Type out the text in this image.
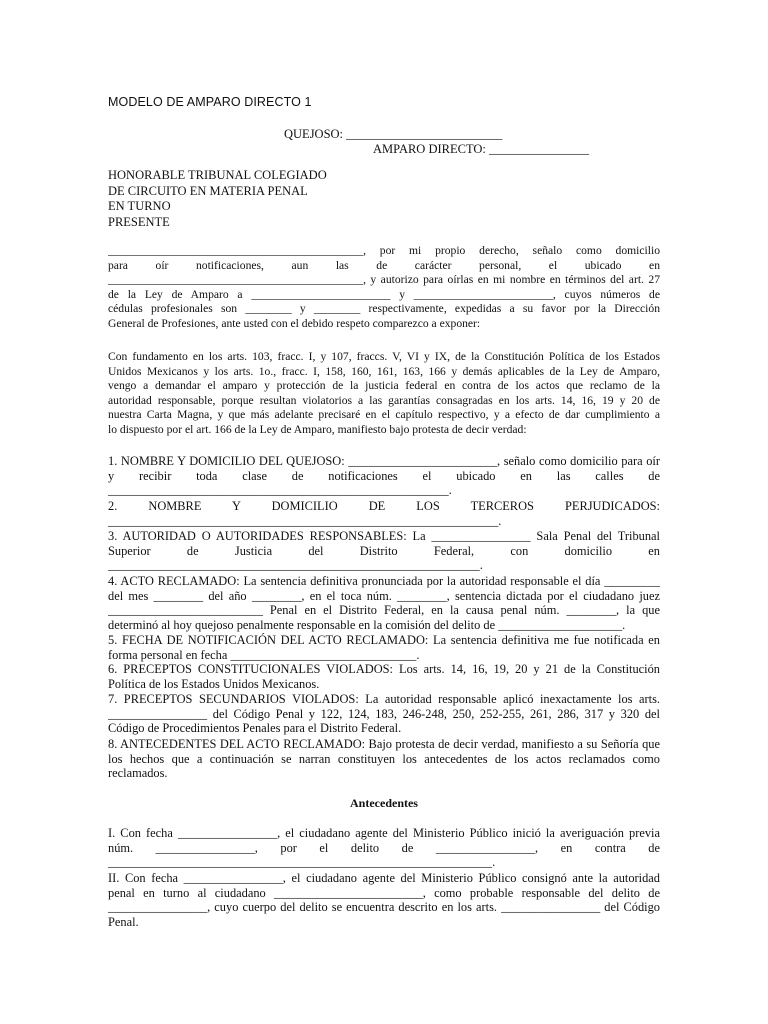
MODELO DE AMPARO DIRECTO 1
QUEJOSO: _________________________
AMPARO DIRECTO: ________________
HONORABLE TRIBUNAL COLEGIADO
DE CIRCUITO EN MATERIA PENAL
EN TURNO
PRESENTE
____________________________________________, por mi propio derecho, señalo como domicilio
para oír notificaciones, aun las de carácter personal, el ubicado en
____________________________________________, y autorizo para oírlas en mi nombre en términos del art. 27
de la Ley de Amparo a ________________________ y ________________________, cuyos números de
cédulas profesionales son ________ y ________ respectivamente, expedidas a su favor por la Dirección
General de Profesiones, ante usted con el debido respeto comparezco a exponer:
Con fundamento en los arts. 103, fracc. I, y 107, fraccs. V, VI y IX, de la Constitución Política de los Estados
Unidos Mexicanos y los arts. 1o., fracc. I, 158, 160, 161, 163, 166 y demás aplicables de la Ley de Amparo,
vengo a demandar el amparo y protección de la justicia federal en contra de los actos que reclamo de la
autoridad responsable, porque resultan violatorios a las garantías consagradas en los arts. 14, 16, 19 y 20 de
nuestra Carta Magna, y que más adelante precisaré en el capítulo respectivo, y a efecto de dar cumplimiento a
lo dispuesto por el art. 166 de la Ley de Amparo, manifiesto bajo protesta de decir verdad:
1. NOMBRE Y DOMICILIO DEL QUEJOSO: ________________________, señalo como domicilio para oír
y recibir toda clase de notificaciones el ubicado en las calles de
_______________________________________________________.
2. NOMBRE Y DOMICILIO DE LOS TERCEROS PERJUDICADOS:
_______________________________________________________________.
3. AUTORIDAD O AUTORIDADES RESPONSABLES: La ________________ Sala Penal del Tribunal
Superior de Justicia del Distrito Federal, con domicilio en
____________________________________________________________.
4. ACTO RECLAMADO: La sentencia definitiva pronunciada por la autoridad responsable el día _________
del mes ________ del año ________, en el toca núm. ________, sentencia dictada por el ciudadano juez
_________________________ Penal en el Distrito Federal, en la causa penal núm. ________, la que
determinó al hoy quejoso penalmente responsable en la comisión del delito de ____________________.
5. FECHA DE NOTIFICACIÓN DEL ACTO RECLAMADO: La sentencia definitiva me fue notificada en
forma personal en fecha ______________________________.
6. PRECEPTOS CONSTITUCIONALES VIOLADOS: Los arts. 14, 16, 19, 20 y 21 de la Constitución
Política de los Estados Unidos Mexicanos.
7. PRECEPTOS SECUNDARIOS VIOLADOS: La autoridad responsable aplicó inexactamente los arts.
________________ del Código Penal y 122, 124, 183, 246-248, 250, 252-255, 261, 286, 317 y 320 del
Código de Procedimientos Penales para el Distrito Federal.
8. ANTECEDENTES DEL ACTO RECLAMADO: Bajo protesta de decir verdad, manifiesto a su Señoría que
los hechos que a continuación se narran constituyen los antecedentes de los actos reclamados como
reclamados.
Antecedentes
I. Con fecha ________________, el ciudadano agente del Ministerio Público inició la averiguación previa
núm. ________________, por el delito de ________________, en contra de
______________________________________________________________.
II. Con fecha ________________, el ciudadano agente del Ministerio Público consignó ante la autoridad
penal en turno al ciudadano ________________________, como probable responsable del delito de
________________, cuyo cuerpo del delito se encuentra descrito en los arts. ________________ del Código
Penal.
